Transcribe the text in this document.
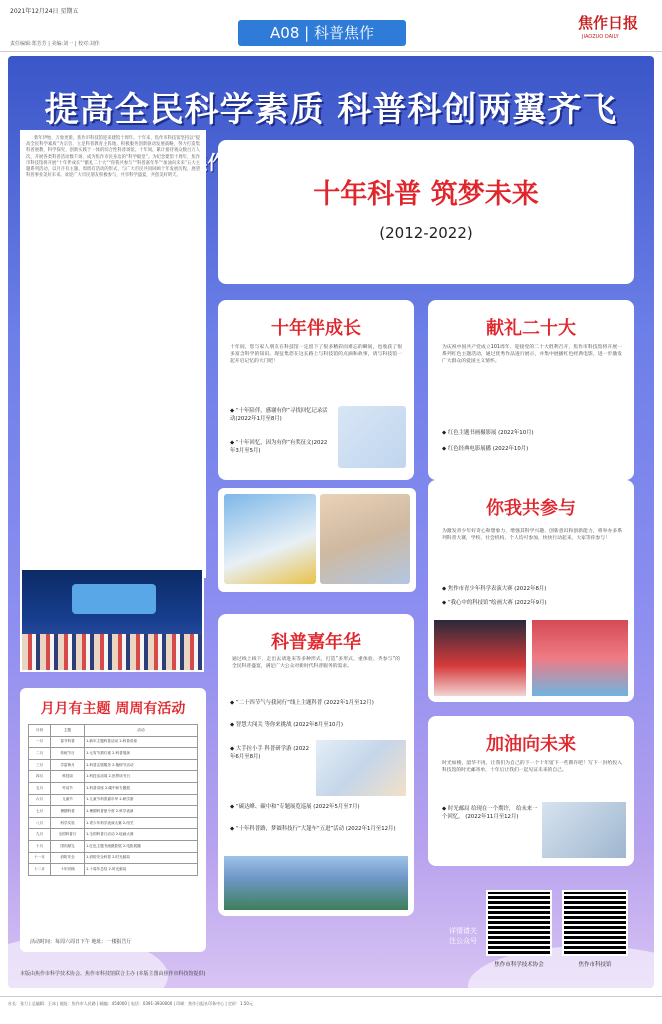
2021年12月24日 星期五
责任编辑:郑芳芳 | 美编:刘一 | 校对:刘佳
A08 | 科普焦作
焦作日报
JIAOZUO DAILY
提高全民科学素质 科普科创两翼齐飞

新年伊始，万象更新。焦作市科技馆迎来建馆十周年。十年来，焦作市科技馆坚持以“提高全民科学素质”为宗旨，立足科普教育主阵地，积极服务创新驱动发展战略，努力打造集科普展教、科学探究、创新实践于一体的综合性科普场馆。十年间，累计接待观众数百万人次，开展各类科普活动数千场，成为焦作市民身边的“科学殿堂”。为纪念建馆十周年，焦作市科技馆将开展“十年伴成长”“献礼二十大”“你我共参与”“科普嘉年华”“加油向未来”五大主题系列活动，以月月有主题、周周有活动的形式，与广大市民共同回顾十年发展历程，展望科普事业美好未来。欢迎广大市民朋友积极参与，共享科学盛宴，共创美好明天。

十年科普 筑梦未来
(2012-2022)
十年伴成长
十年间，您与家人朋友在科技馆一定留下了很多精彩而难忘的瞬间，也收获了很多富含科学的知识。现征集您在这长路上与科技馆的点滴和故事，请与科技馆一起开启记忆的大门吧！
◆ “十年陪伴，感谢有你”寻找回忆记录活动(2022年1月至8月)
◆ “十年回忆，因为有你”有奖征文(2022年3月至5月)
献礼二十大
为庆祝中国共产党成立101周年、迎接党的二十大胜利召开，焦作市科技馆将开展一系列红色主题活动，通过优秀作品进行展示，并集中展播红色经典电影，进一步激发广大群众的爱国主义情怀。
◆ 红色主题书画摄影展 (2022年10月)
◆ 红色经典电影展播 (2022年10月)
你我共参与
为激发青少年好奇心和想象力，增强其科学兴趣、创新意识和创新能力，将举办多系列科普大赛，学校、社会机构、个人均可参加，快快行动起来，大家等你参与！
◆ 焦作市青少年科学表演大赛 (2022年8月)
◆ “我心中的科技馆”绘画大赛 (2022年9月)
科普嘉年华
通过线上线下，走出去请进来等多种形式，打造“多形式、重体验、齐参与”的全民科普盛宴，满足广大公众对新时代科普服务的需求。
◆ “二十四节气与我同行”线上主题科普 (2022年1月至12月)
◆ 智慧大闯关 等你来挑战 (2022年8月至10月)
◆ 大手拉小手 科普研学游 (2022年6月至8月)
◆ “碳达峰、碳中和”专题展览巡展 (2022年5月至7月)
◆ “十年科普路，梦圆科技行”大篷车“五进”活动 (2022年1月至12月)
加油向未来
时光如梭，韶华不再，让我们为自己的下一个十年留下一些期许吧！写下一封给投入科技馆的时光邮寄单，十年后让我们一起见证未来的自己。
◆ 时光邮局 给现在一个期许， 给未来一个回忆。 (2022年11月至12月)
月月有主题 周周有活动
月份	主题	活动
一月	春节科普	1.新年主题科普活动 2.科普讲座
二月	传统节日	1.元宵节猜灯谜 2.科普展演
三月	学雷锋月	1.科普志愿服务 2.植树节活动
四月	科技周	1.科技活动周 2.世界读书日
五月	劳动节	1.科普讲座 2.碳中和专题展
六月	儿童节	1.儿童节科普嘉年华 2.研学游
七月	暑期科普	1.暑期科普夏令营 2.科学表演
八月	科学实验	1.青少年科学表演大赛 2.闯关
九月	全国科普日	1.全国科普日活动 2.绘画大赛
十月	国庆献礼	1.红色主题书画摄影展 2.电影展播
十一月	消防安全	1.消防安全科普 2.时光邮局
十二月	十年回顾	1.十周年总结 2.时光邮局
活动时间：每周六周日下午 地址：一楼报告厅
详情请关注公众号
焦作市科学技术协会	焦作市科技馆
本版由焦作市科学技术协会、焦作市科技馆联合主办 (本版主图由焦作市科技馆提供)
社长：张力 | 总编辑：王冰 | 地址：焦作市人民路 | 邮编：454000 | 电话：0391-3930000 | 印刷：焦作日报社印务中心 | 定价：1.50元
